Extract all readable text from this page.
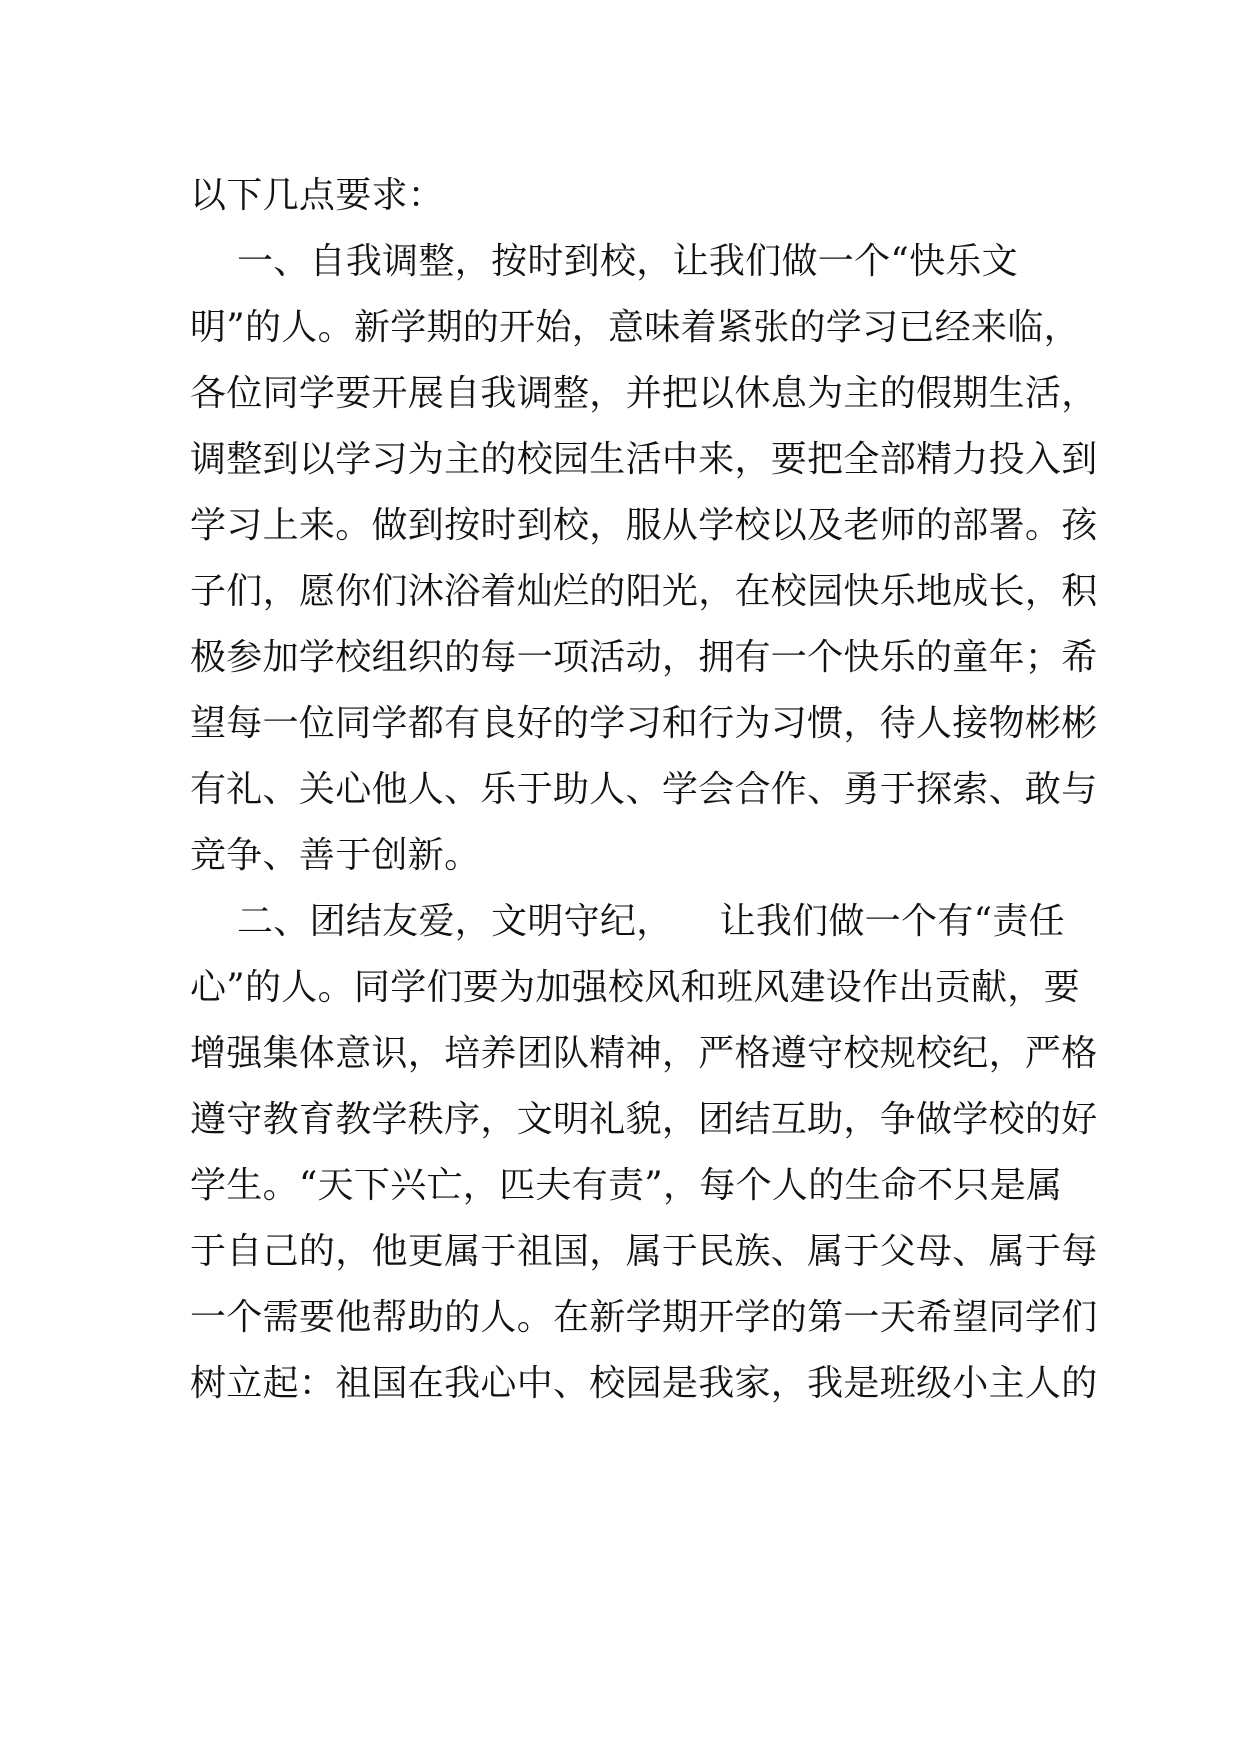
以下几点要求：
一、自我调整，按时到校，让我们做一个“快乐文
明”的人。新学期的开始，意味着紧张的学习已经来临，
各位同学要开展自我调整，并把以休息为主的假期生活，
调整到以学习为主的校园生活中来，要把全部精力投入到
学习上来。做到按时到校，服从学校以及老师的部署。孩
子们，愿你们沐浴着灿烂的阳光，在校园快乐地成长，积
极参加学校组织的每一项活动，拥有一个快乐的童年；希
望每一位同学都有良好的学习和行为习惯，待人接物彬彬
有礼、关心他人、乐于助人、学会合作、勇于探索、敢与
竞争、善于创新。
二、团结友爱，文明守纪，    让我们做一个有“责任
心”的人。同学们要为加强校风和班风建设作出贡献，要
增强集体意识，培养团队精神，严格遵守校规校纪，严格
遵守教育教学秩序，文明礼貌，团结互助，争做学校的好
学生。“天下兴亡，匹夫有责”，每个人的生命不只是属
于自己的，他更属于祖国，属于民族、属于父母、属于每
一个需要他帮助的人。在新学期开学的第一天希望同学们
树立起：祖国在我心中、校园是我家，我是班级小主人的
